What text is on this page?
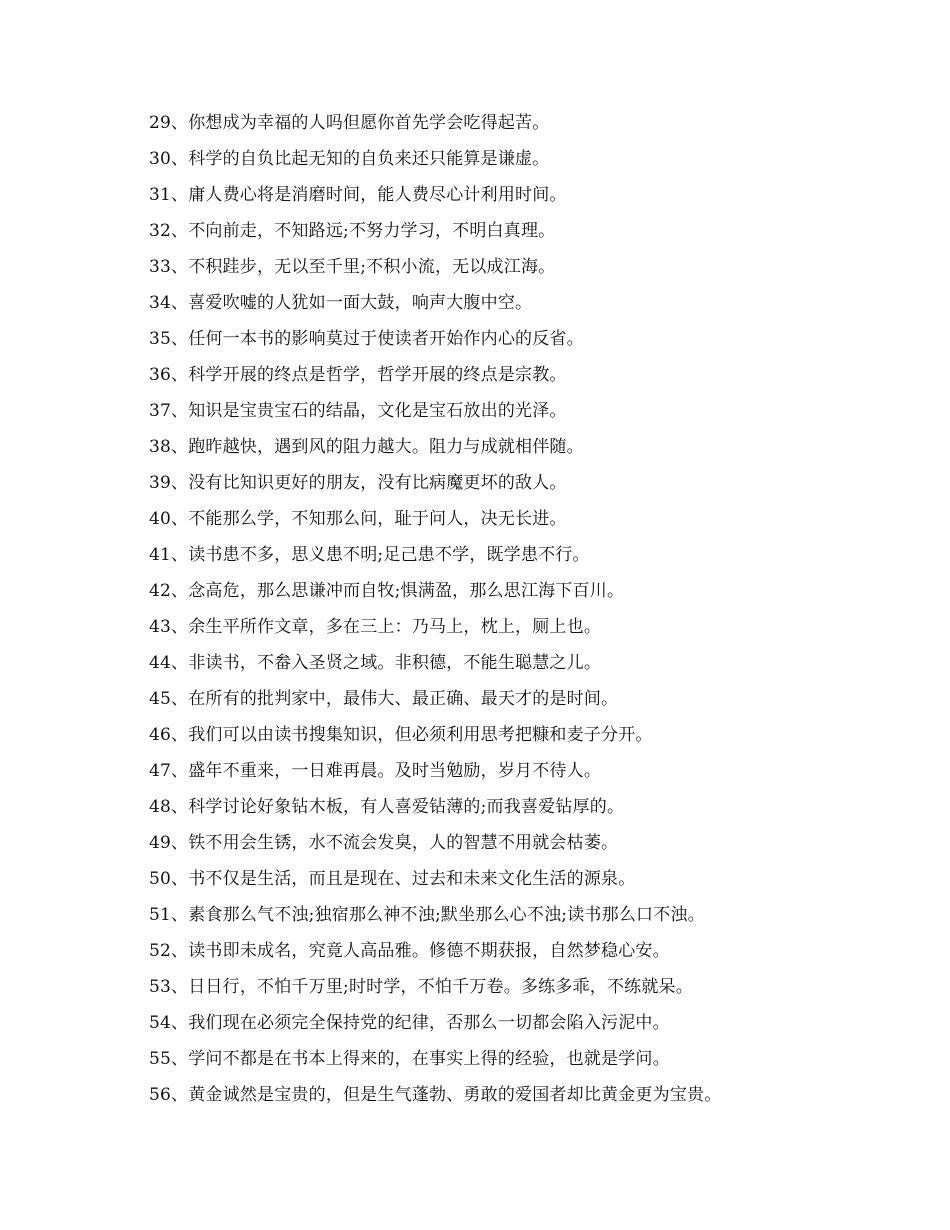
29、你想成为幸福的人吗但愿你首先学会吃得起苦。
30、科学的自负比起无知的自负来还只能算是谦虚。
31、庸人费心将是消磨时间，能人费尽心计利用时间。
32、不向前走，不知路远;不努力学习，不明白真理。
33、不积跬步，无以至千里;不积小流，无以成江海。
34、喜爱吹嘘的人犹如一面大鼓，响声大腹中空。
35、任何一本书的影响莫过于使读者开始作内心的反省。
36、科学开展的终点是哲学，哲学开展的终点是宗教。
37、知识是宝贵宝石的结晶，文化是宝石放出的光泽。
38、跑昨越快，遇到风的阻力越大。阻力与成就相伴随。
39、没有比知识更好的朋友，没有比病魔更坏的敌人。
40、不能那么学，不知那么问，耻于问人，决无长进。
41、读书患不多，思义患不明;足己患不学，既学患不行。
42、念高危，那么思谦冲而自牧;惧满盈，那么思江海下百川。
43、余生平所作文章，多在三上：乃马上，枕上，厕上也。
44、非读书，不畚入圣贤之域。非积德，不能生聪慧之儿。
45、在所有的批判家中，最伟大、最正确、最天才的是时间。
46、我们可以由读书搜集知识，但必须利用思考把糠和麦子分开。
47、盛年不重来，一日难再晨。及时当勉励，岁月不待人。
48、科学讨论好象钻木板，有人喜爱钻薄的;而我喜爱钻厚的。
49、铁不用会生锈，水不流会发臭，人的智慧不用就会枯萎。
50、书不仅是生活，而且是现在、过去和未来文化生活的源泉。
51、素食那么气不浊;独宿那么神不浊;默坐那么心不浊;读书那么口不浊。
52、读书即未成名，究竟人高品雅。修德不期获报，自然梦稳心安。
53、日日行，不怕千万里;时时学，不怕千万卷。多练多乖，不练就呆。
54、我们现在必须完全保持党的纪律，否那么一切都会陷入污泥中。
55、学问不都是在书本上得来的，在事实上得的经验，也就是学问。
56、黄金诚然是宝贵的，但是生气蓬勃、勇敢的爱国者却比黄金更为宝贵。
